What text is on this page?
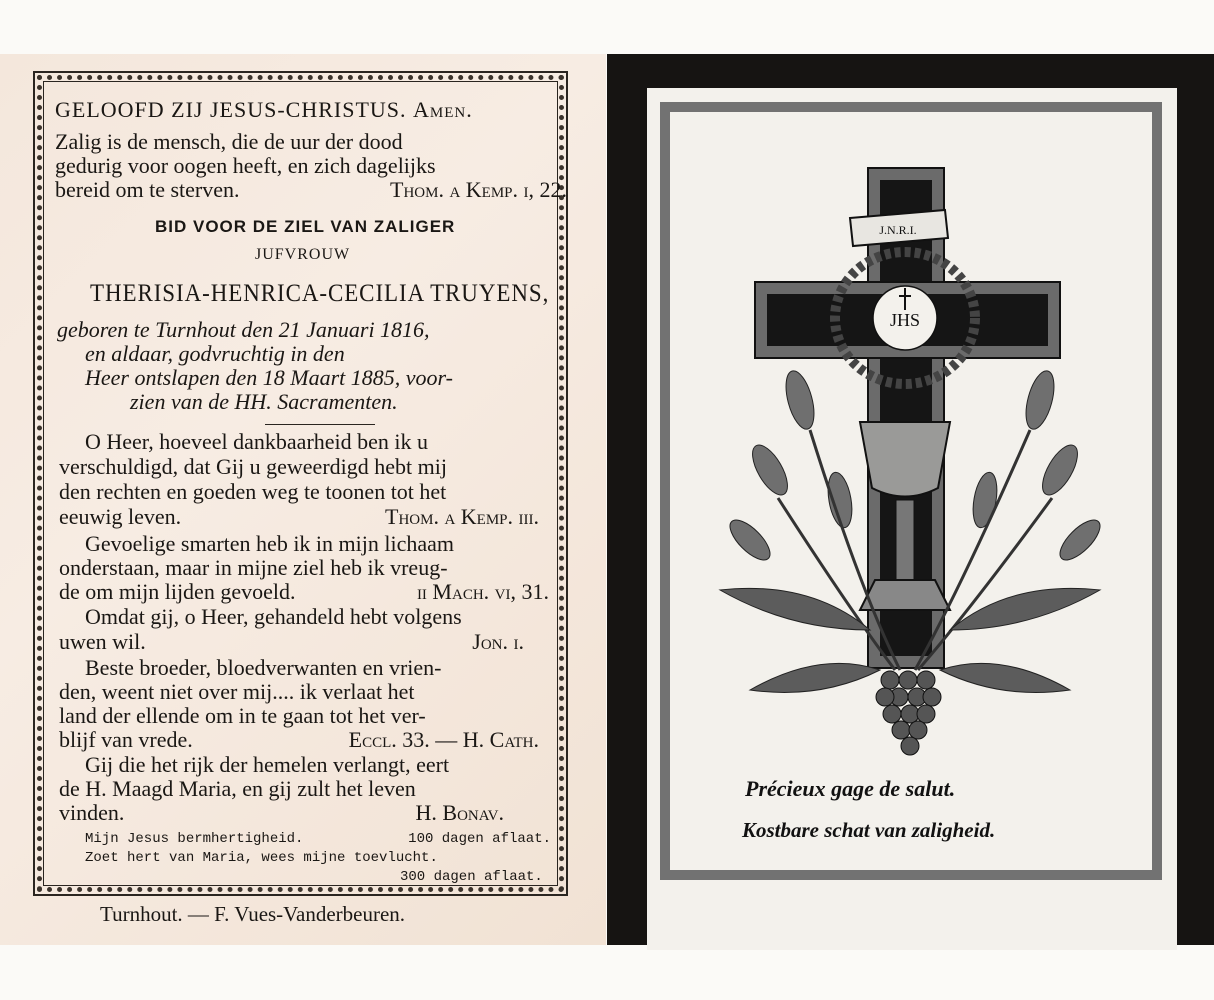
GELOOFD ZIJ JESUS-CHRISTUS. Amen.
Zalig is de mensch, die de uur der dood
gedurig voor oogen heeft, en zich dagelijks
bereid om te sterven.	Thom. a Kemp. i, 22.
BID VOOR DE ZIEL VAN ZALIGER
JUFVROUW
THERISIA-HENRICA-CECILIA TRUYENS,
geboren te Turnhout den 21 Januari 1816,
en aldaar, godvruchtig in den
Heer ontslapen den 18 Maart 1885, voor-
zien van de HH. Sacramenten.
O Heer, hoeveel dankbaarheid ben ik u
verschuldigd, dat Gij u geweerdigd hebt mij
den rechten en goeden weg te toonen tot het
eeuwig leven.	Thom. a Kemp. iii.
Gevoelige smarten heb ik in mijn lichaam
onderstaan, maar in mijne ziel heb ik vreug-
de om mijn lijden gevoeld.	ii Mach. vi, 31.
Omdat gij, o Heer, gehandeld hebt volgens
uwen wil.	Jon. i.
Beste broeder, bloedverwanten en vrien-
den, weent niet over mij.... ik verlaat het
land der ellende om in te gaan tot het ver-
blijf van vrede.	Eccl. 33. — H. Cath.
Gij die het rijk der hemelen verlangt, eert
de H. Maagd Maria, en gij zult het leven
vinden.	H. Bonav.
Mijn Jesus bermhertigheid.	100 dagen aflaat.
Zoet hert van Maria, wees mijne toevlucht.
300 dagen aflaat.
Turnhout. — F. Vues-Vanderbeuren.
J.N.R.I.
JHS
Précieux gage de salut.
Kostbare schat van zaligheid.
